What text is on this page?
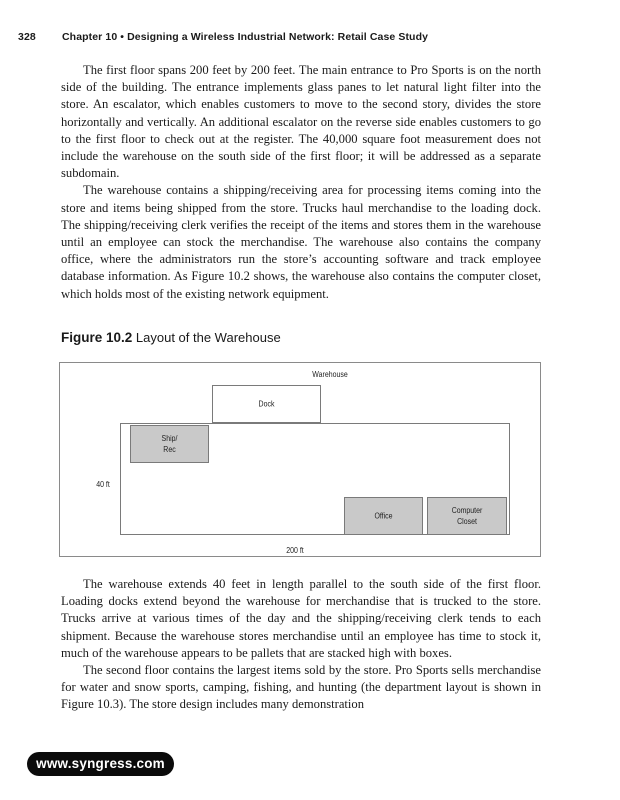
328 Chapter 10 • Designing a Wireless Industrial Network: Retail Case Study

The first floor spans 200 feet by 200 feet. The main entrance to Pro Sports is on the north side of the building. The entrance implements glass panes to let natural light filter into the store. An escalator, which enables customers to move to the second story, divides the store horizontally and vertically. An additional escalator on the reverse side enables customers to go to the first floor to check out at the register. The 40,000 square foot measurement does not include the warehouse on the south side of the first floor; it will be addressed as a separate subdomain.

The warehouse contains a shipping/receiving area for processing items coming into the store and items being shipped from the store. Trucks haul merchandise to the loading dock. The shipping/receiving clerk verifies the receipt of the items and stores them in the warehouse until an employee can stock the merchandise. The warehouse also contains the company office, where the administrators run the store’s accounting software and track employee database information. As Figure 10.2 shows, the warehouse also contains the computer closet, which holds most of the existing network equipment.

Figure 10.2 Layout of the Warehouse
Warehouse
Dock
Ship/
Rec
Office
Computer
Closet
40 ft
200 ft

The warehouse extends 40 feet in length parallel to the south side of the first floor. Loading docks extend beyond the warehouse for merchandise that is trucked to the store. Trucks arrive at various times of the day and the shipping/receiving clerk tends to each shipment. Because the warehouse stores merchandise until an employee has time to stock it, much of the warehouse appears to be pallets that are stacked high with boxes.

The second floor contains the largest items sold by the store. Pro Sports sells merchandise for water and snow sports, camping, fishing, and hunting (the department layout is shown in Figure 10.3). The store design includes many demonstration

www.syngress.com
